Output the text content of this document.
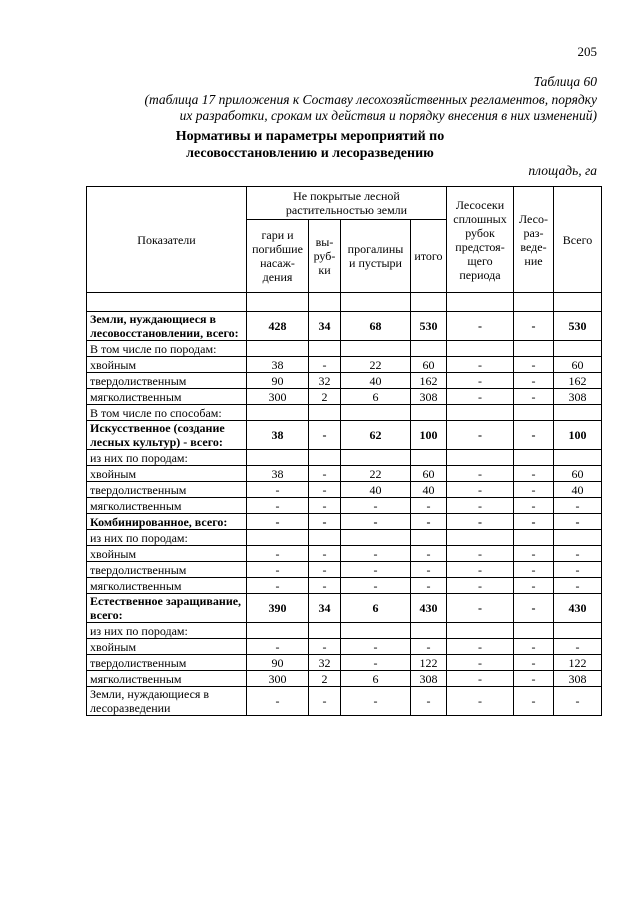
205
Таблица 60
(таблица 17 приложения к Составу лесохозяйственных регламентов, порядку
их разработки, срокам их действия и порядку внесения в них изменений)
Нормативы и параметры мероприятий по
лесовосстановлению и лесоразведению
площадь, га
Показатели	Не покрытые лесной растительностью земли				Лесосеки сплошных рубок предстоя- щего периода	Лесо- раз- веде- ние	Всего
	гари и погибшие насаж- дения	вы- руб- ки	прогалины и пустыри	итого			

Земли, нуждающиеся в лесовосстановлении, всего:	428	34	68	530	-	-	530
В том числе по породам:							
хвойным	38	-	22	60	-	-	60
твердолиственным	90	32	40	162	-	-	162
мягколиственным	300	2	6	308	-	-	308
В том числе по способам:							
Искусственное (создание лесных культур) - всего:	38	-	62	100	-	-	100
из них по породам:							
хвойным	38	-	22	60	-	-	60
твердолиственным	-	-	40	40	-	-	40
мягколиственным	-	-	-	-	-	-	-
Комбинированное, всего:	-	-	-	-	-	-	-
из них по породам:							
хвойным	-	-	-	-	-	-	-
твердолиственным	-	-	-	-	-	-	-
мягколиственным	-	-	-	-	-	-	-
Естественное заращивание, всего:	390	34	6	430	-	-	430
из них по породам:							
хвойным	-	-	-	-	-	-	-
твердолиственным	90	32	-	122	-	-	122
мягколиственным	300	2	6	308	-	-	308
Земли, нуждающиеся в лесоразведении	-	-	-	-	-	-	-
